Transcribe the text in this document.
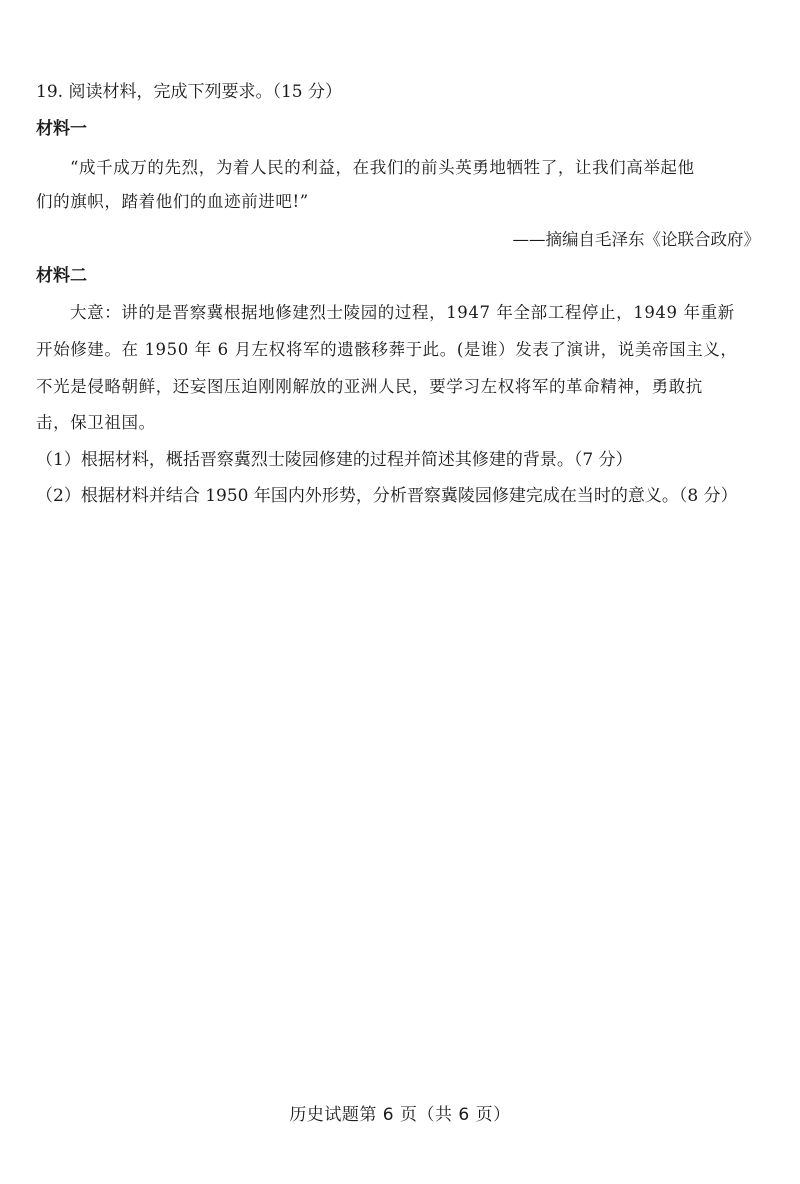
19. 阅读材料，完成下列要求。（15 分）
材料一
“成千成万的先烈，为着人民的利益，在我们的前头英勇地牺牲了，让我们高举起他
们的旗帜，踏着他们的血迹前进吧!”
——摘编自毛泽东《论联合政府》
材料二
大意：讲的是晋察冀根据地修建烈士陵园的过程，1947 年全部工程停止，1949 年重新
开始修建。在 1950 年 6 月左权将军的遗骸移葬于此。(是谁）发表了演讲，说美帝国主义，
不光是侵略朝鲜，还妄图压迫刚刚解放的亚洲人民，要学习左权将军的革命精神，勇敢抗
击，保卫祖国。
（1）根据材料，概括晋察冀烈士陵园修建的过程并简述其修建的背景。（7 分）
（2）根据材料并结合 1950 年国内外形势，分析晋察冀陵园修建完成在当时的意义。（8 分）
历史试题第 6 页（共 6 页）
